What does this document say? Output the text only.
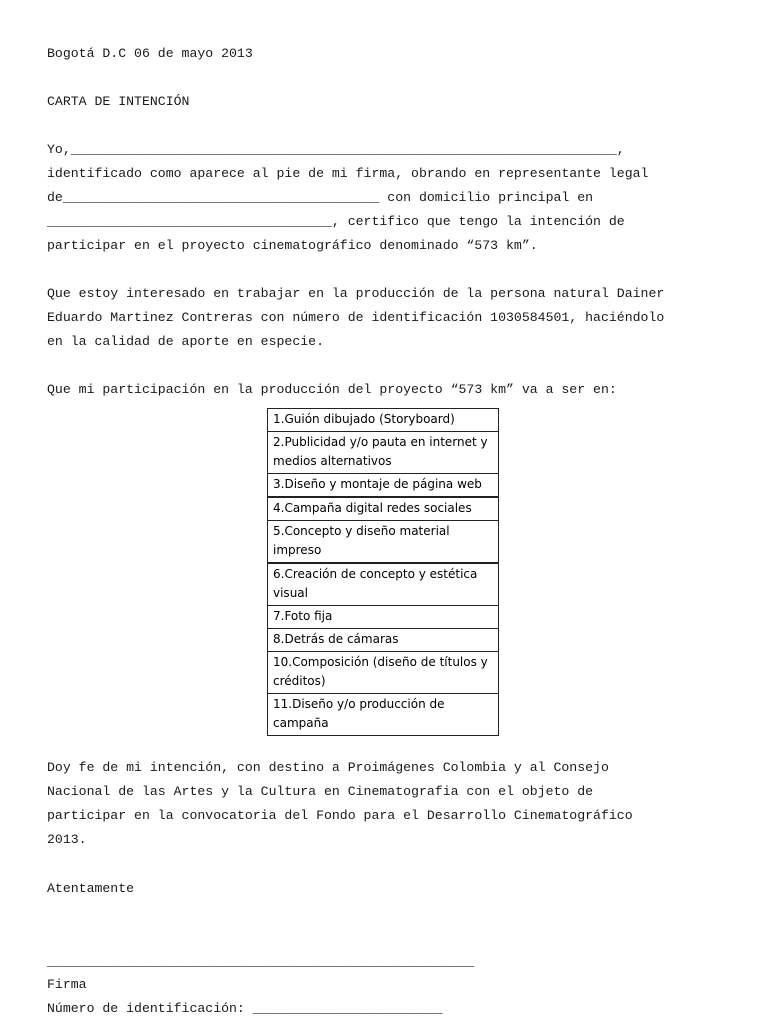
Bogotá D.C 06 de mayo 2013

CARTA DE INTENCIÓN

Yo,_____________________________________________________________________,

identificado como aparece al pie de mi firma, obrando en representante legal

de________________________________________ con domicilio principal en

____________________________________, certifico que tengo la intención de

participar en el proyecto cinematográfico denominado “573 km”.

Que estoy interesado en trabajar en la producción de la persona natural Dainer

Eduardo Martinez Contreras con número de identificación 1030584501, haciéndolo

en la calidad de aporte en especie.

Que mi participación en la producción del proyecto “573 km” va a ser en:

1.Guión dibujado (Storyboard)
2.Publicidad y/o pauta en internet y medios alternativos
3.Diseño y montaje de página web
4.Campaña digital redes sociales
5.Concepto y diseño material impreso
6.Creación de concepto y estética visual
7.Foto fija
8.Detrás de cámaras
10.Composición (diseño de títulos y créditos)
11.Diseño y/o producción de campaña

Doy fe de mi intención, con destino a Proimágenes Colombia y al Consejo

Nacional de las Artes y la Cultura en Cinematografia con el objeto de

participar en la convocatoria del Fondo para el Desarrollo Cinematográfico

2013.

Atentamente

______________________________________________________

Firma

Número de identificación: ________________________
